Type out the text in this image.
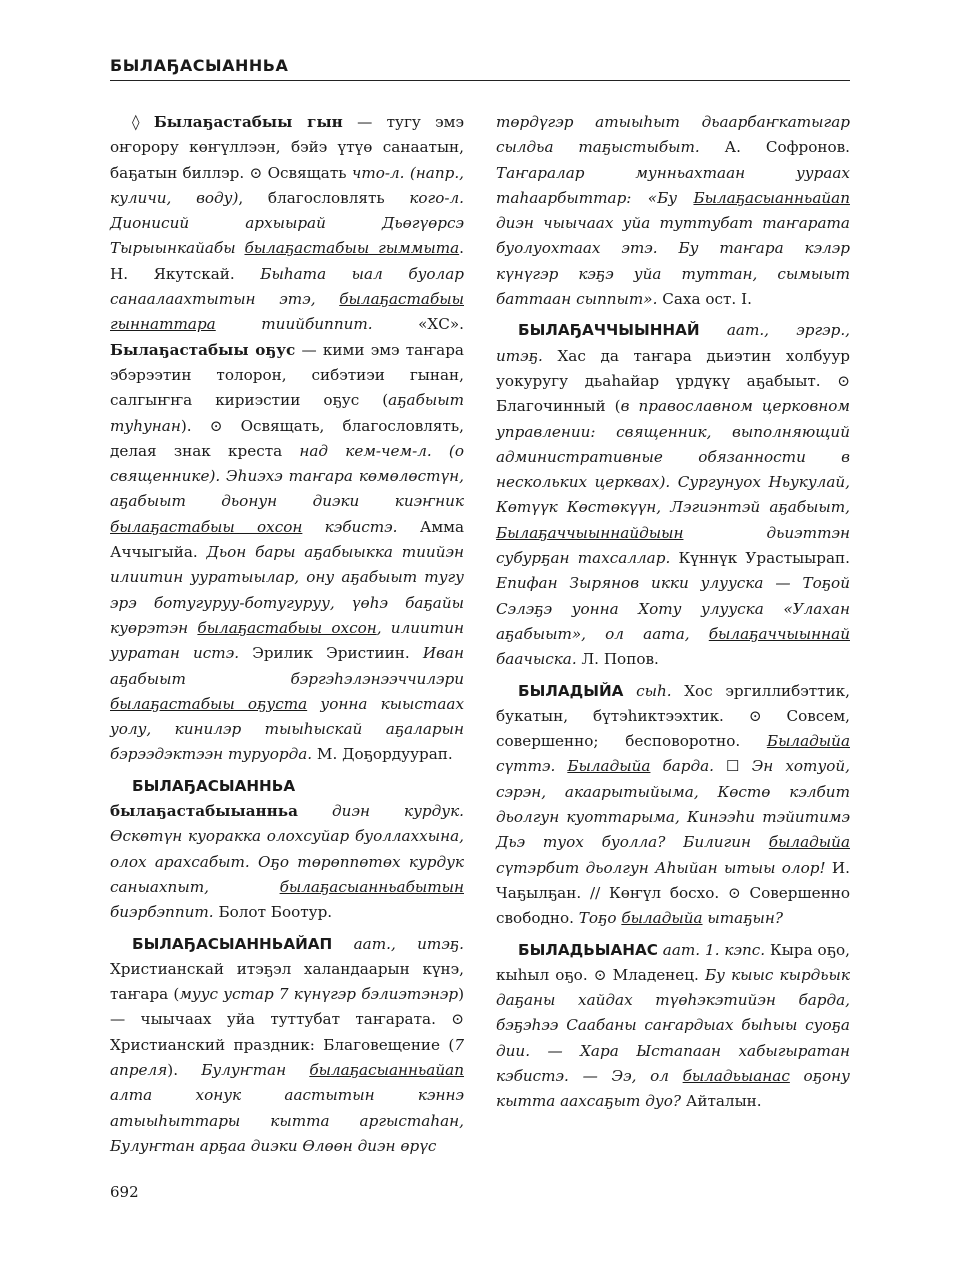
БЫЛАҔАСЫАННЬА

◊ Былаҕастабыы гын — тугу эмэ оҥорору көҥүллээн, бэйэ үтүө санаатын, баҕатын биллэр. ⊙ Освящать что-л. (напр., куличи, воду), благословлять кого-л. Дионисий архыырай Дьөгүөрсэ Тырыынкайабы былаҕастабыы гыммыта. Н. Якутскай. Быһата ыал буолар санаалаахтытын этэ, былаҕастабыы гыннаттара тиийбиппит. «ХС». Былаҕастабыы оҕус — кими эмэ таҥара эбэрээтин толорон, сибэтиэи гынан, салгыҥҥа кириэстии оҕус (аҕабыыт туһунан). ⊙ Освящать, благословлять, делая знак креста над кем-чем-л. (о священнике). Эһиэхэ таҥара көмөлөстүн, аҕабыыт дьонун диэки киэҥник былаҕастабыы охсон кэбистэ. Амма Аччыгыйа. Дьон бары аҕабыыкка тиийэн илиитин ууратыылар, ону аҕабыыт тугу эрэ ботугуруу-ботугуруу, үөһэ баҕайы куөрэтэн былаҕастабыы охсон, илиитин ууратан истэ. Эрилик Эристиин. Иван аҕабыыт бэргэһэлэнээччилэри былаҕастабыы оҕуста уонна кыыстаах уолу, кинилэр тыыһыскай аҕаларын бэрээдэктээн туруорда. М. Доҕордуурап.

БЫЛАҔАСЫАННЬА былаҕастабыыанньа диэн курдук. Өскөтүн куоракка олохсуйар буоллаххына, олох арахсабыт. Оҕо төрөппөтөх курдук саныахпыт, былаҕасыанньабытын биэрбэппит. Болот Боотур.

БЫЛАҔАСЫАННЬАЙАП аат., итэҕ. Христианскай итэҕэл халандаарын күнэ, таҥара (муус устар 7 күнүгэр бэлиэтэнэр) — чыычаах уйа туттубат таҥарата. ⊙ Христианский праздник: Благовещение (7 апреля). Булуҥтан былаҕасыанньайап алта хонук аастытын кэннэ атыыһыттары кытта аргыстаһан, Булуҥтан арҕаа диэки Өлөөн диэн өрүс

төрдүгэр атыыһыт дьаарбаҥкатыгар сылдьа таҕыстыбыт. А. Софронов. Таҥаралар мунньахтаан уураах таһаарбыттар: «Бу Былаҕасыанньайап диэн чыычаах уйа туттубат таҥарата буолуохтаах этэ. Бу таҥара кэлэр күнүгэр кэҕэ уйа туттан, сымыыт баттаан сыппыт». Саха ост. I.

БЫЛАҔАЧЧЫЫННАЙ аат., эргэр., итэҕ. Хас да таҥара дьиэтин холбуур уокуругу дьаһайар үрдүкү аҕабыыт. ⊙ Благочинный (в православном церковном управлении: священник, выполняющий административные обязанности в нескольких церквах). Сургунуох Ньукулай, Көтүүк Көстөкүүн, Лэгиэнтэй аҕабыыт, Былаҕаччыыннайдыын дьиэттэн субурҕан тахсаллар. Күннүк Урастыырап. Епифан Зырянов икки улууска — Тоҕой Сэлэҕэ уонна Хоту улууска «Улахан аҕабыыт», ол аата, былаҕаччыыннай баачыска. Л. Попов.

БЫЛАДЫЙА сыһ. Хос эргиллибэттик, букатын, бүтэһиктээхтик. ⊙ Совсем, совершенно; бесповоротно. Быладыйа сүттэ. Быладыйа барда. ☐ Эн хотуой, сэрэн, акаарытыйыма, Көстө кэлбит дьолгун куоттарыма, Кинээһи тэйитимэ Дьэ туох буолла? Билигин быладыйа сүтэрбит дьолгун Аһыйан ытыы олор! И. Чаҕылҕан. // Көҥүл босхо. ⊙ Совершенно свободно. Тоҕо быладыйа ытаҕын?

БЫЛАДЬЫАНАС аат. 1. кэпс. Кыра оҕо, кыһыл оҕо. ⊙ Младенец. Бу кыыс кырдьык даҕаны хайдах түөһэкэтийэн барда, бэҕэһээ Саабаны саҥардыах быһыы суоҕа дии. — Хара Ыстапаан хабыгыратан кэбистэ. — Ээ, ол быладьыанас оҕону кытта аахсаҕыт дуо? Айталын.

692
